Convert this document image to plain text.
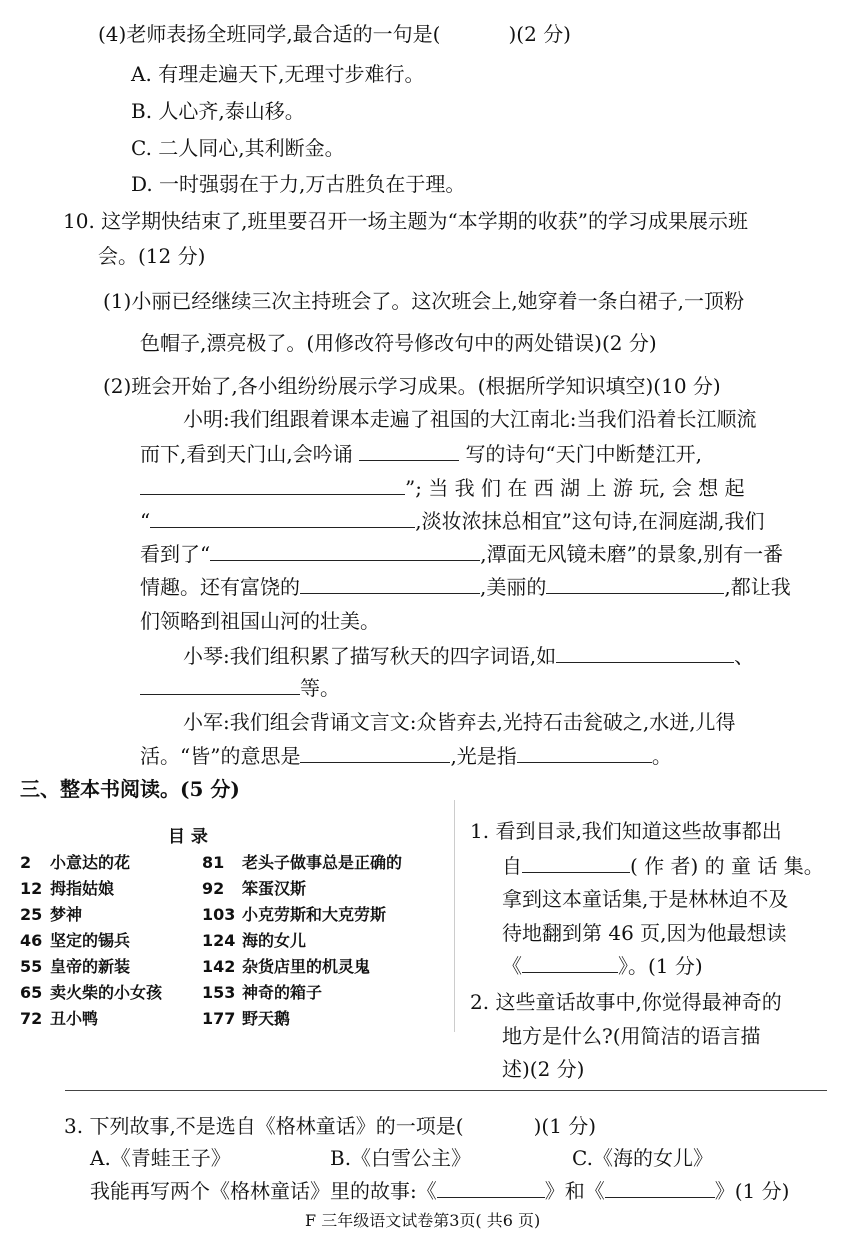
(4)老师表扬全班同学,最合适的一句是(	)(2 分)
A. 有理走遍天下,无理寸步难行。
B. 人心齐,泰山移。
C. 二人同心,其利断金。
D. 一时强弱在于力,万古胜负在于理。
10. 这学期快结束了,班里要召开一场主题为“本学期的收获”的学习成果展示班
会。(12 分)
(1)小丽已经继续三次主持班会了。这次班会上,她穿着一条白裙子,一顶粉
色帽子,漂亮极了。(用修改符号修改句中的两处错误)(2 分)
(2)班会开始了,各小组纷纷展示学习成果。(根据所学知识填空)(10 分)
小明:我们组跟着课本走遍了祖国的大江南北:当我们沿着长江顺流
而下,看到天门山,会吟诵	写的诗句“天门中断楚江开,
”; 当 我 们 在 西 湖 上 游 玩, 会 想 起
“	,淡妆浓抹总相宜”这句诗,在洞庭湖,我们
看到了“	,潭面无风镜未磨”的景象,别有一番
情趣。还有富饶的	,美丽的	,都让我
们领略到祖国山河的壮美。
小琴:我们组积累了描写秋天的四字词语,如	、
等。
小军:我们组会背诵文言文:众皆弃去,光持石击瓮破之,水迸,儿得
活。“皆”的意思是	,光是指	。
三、整本书阅读。(5 分)
目 录
2 小意达的花	81 老头子做事总是正确的
12 拇指姑娘	92 笨蛋汉斯
25 梦神	103 小克劳斯和大克劳斯
46 坚定的锡兵	124 海的女儿
55 皇帝的新装	142 杂货店里的机灵鬼
65 卖火柴的小女孩 153 神奇的箱子
72 丑小鸭	177 野天鹅
1. 看到目录,我们知道这些故事都出
自	( 作 者) 的 童 话 集。
拿到这本童话集,于是林林迫不及
待地翻到第 46 页,因为他最想读
《	》。(1 分)
2. 这些童话故事中,你觉得最神奇的
地方是什么?(用简洁的语言描
述)(2 分)
3. 下列故事,不是选自《格林童话》的一项是(	)(1 分)
A.《青蛙王子》	B.《白雪公主》	C.《海的女儿》
我能再写两个《格林童话》里的故事:《	》和《	》(1 分)
F 三年级语文试卷第3页( 共6 页)
